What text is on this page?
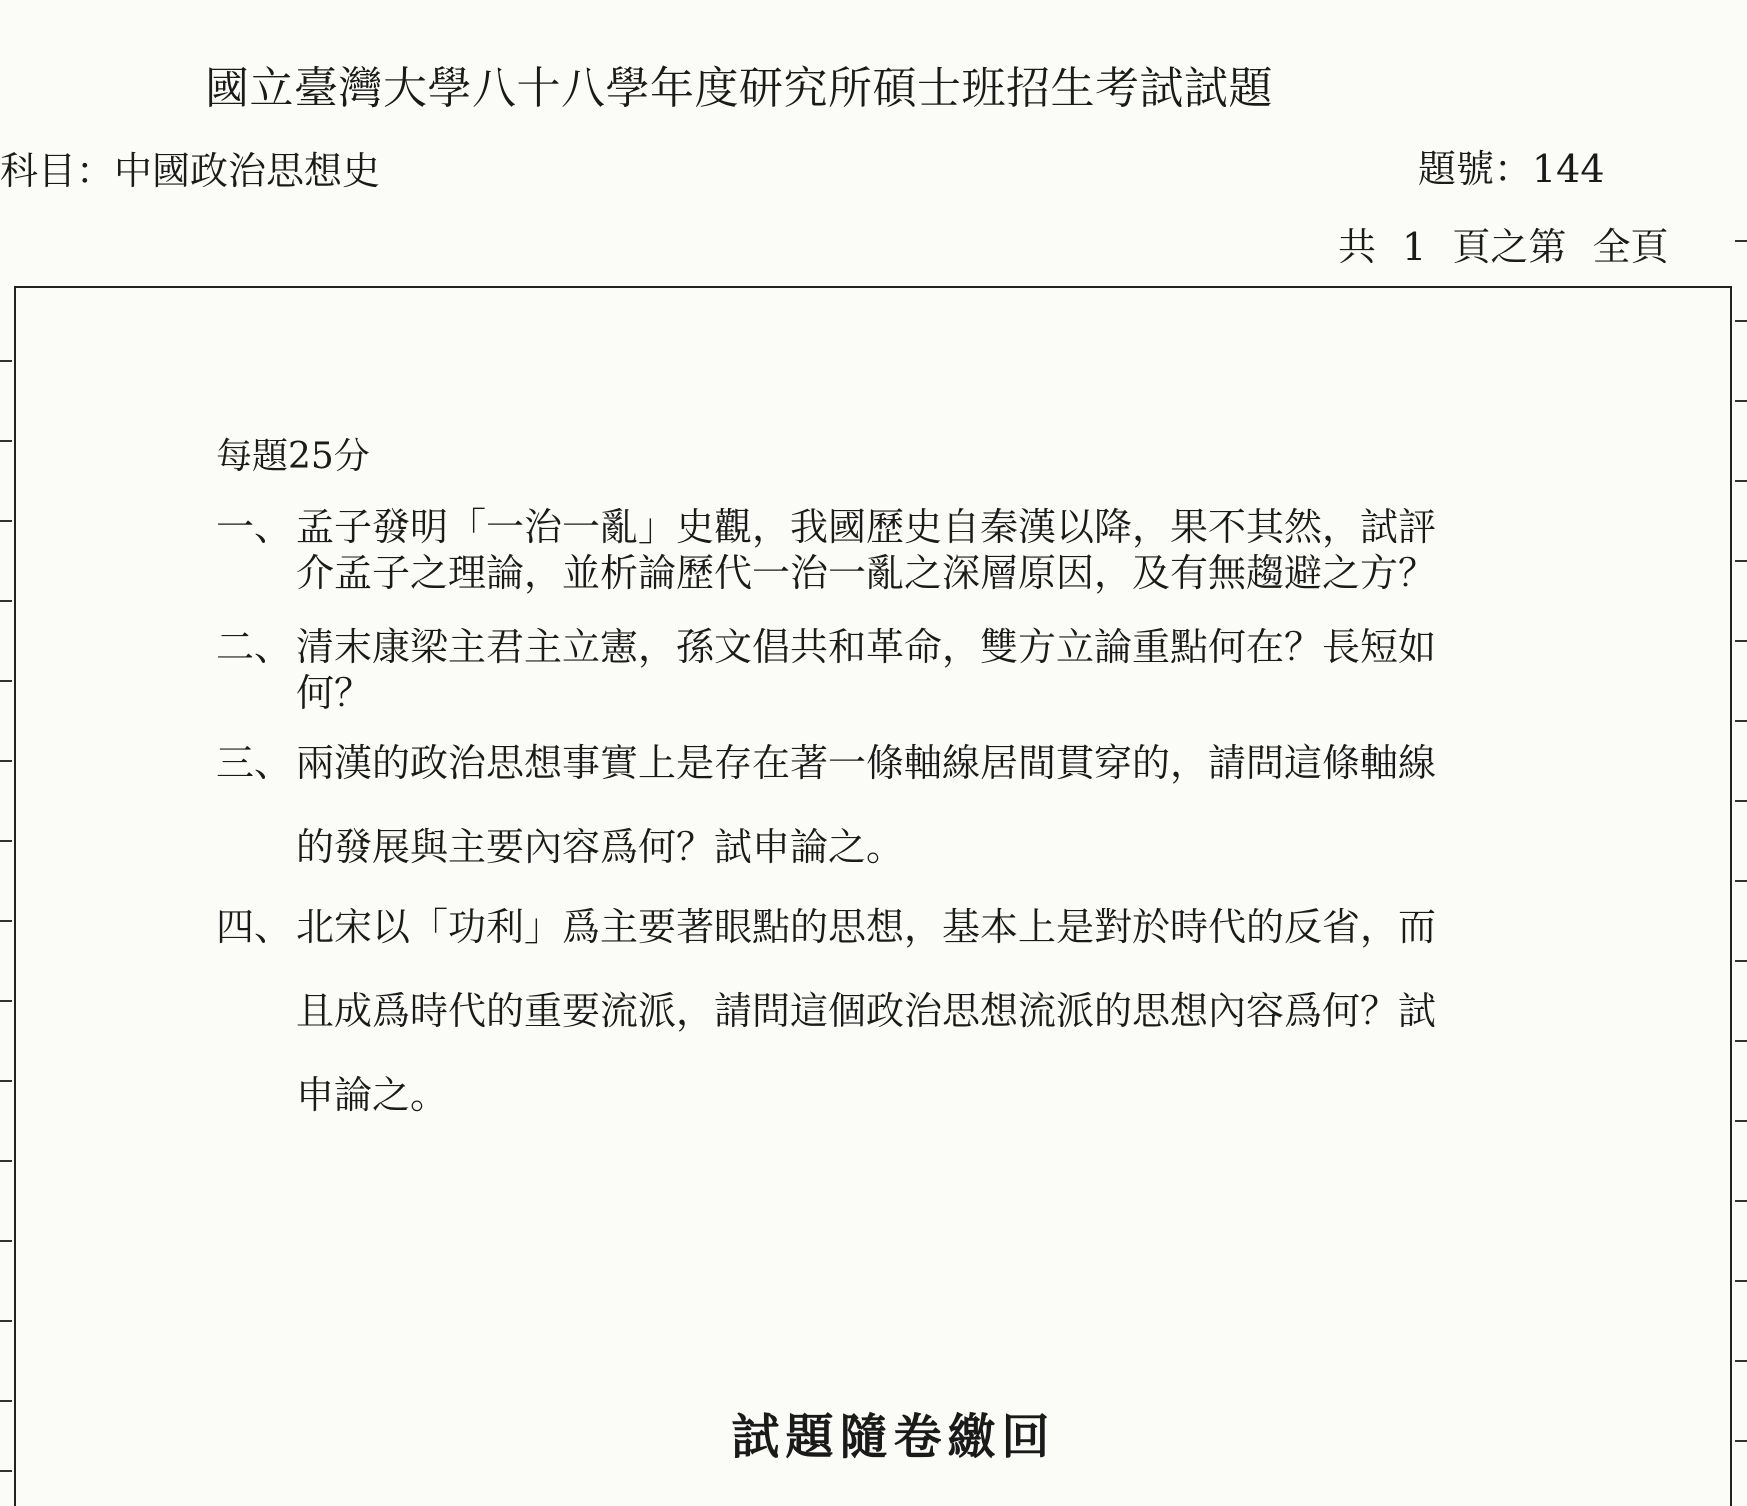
國立臺灣大學八十八學年度研究所碩士班招生考試試題
科目：中國政治思想史	題號：144
共 1 頁之第 全頁
每題25分
一、 孟子發明「一治一亂」史觀，我國歷史自秦漢以降，果不其然，試評
介孟子之理論，並析論歷代一治一亂之深層原因，及有無趨避之方？
二、 清末康梁主君主立憲，孫文倡共和革命，雙方立論重點何在？長短如
何？
三、 兩漢的政治思想事實上是存在著一條軸線居間貫穿的，請問這條軸線
的發展與主要內容爲何？試申論之。
四、 北宋以「功利」爲主要著眼點的思想，基本上是對於時代的反省，而
且成爲時代的重要流派，請問這個政治思想流派的思想內容爲何？試
申論之。
試題隨卷繳回
